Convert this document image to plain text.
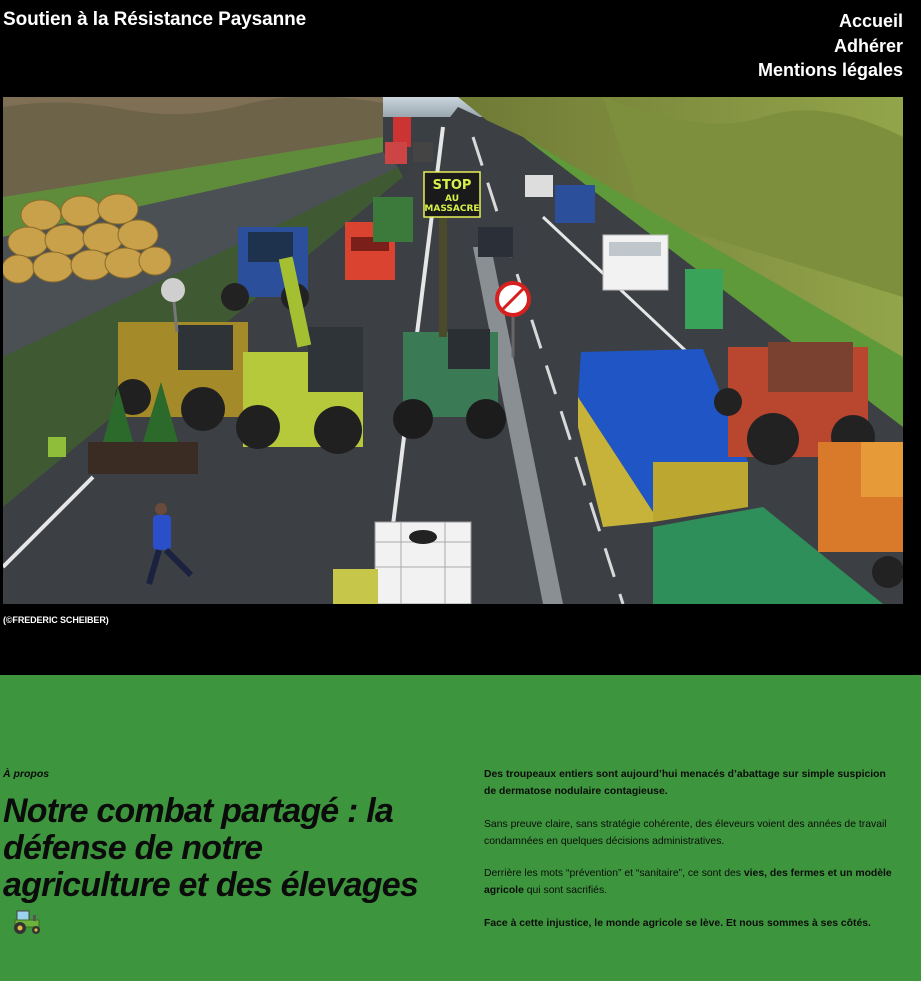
Soutien à la Résistance Paysanne	Accueil
Adhérer
Mentions légales
STOP
AU
MASSACRE
(©FREDERIC SCHEIBER)
À propos
Notre combat partagé : la défense de notre agriculture et des élevages

Des troupeaux entiers sont aujourd’hui menacés d’abattage sur simple suspicion de dermatose nodulaire contagieuse.

Sans preuve claire, sans stratégie cohérente, des éleveurs voient des années de travail condamnées en quelques décisions administratives.

Derrière les mots “prévention” et “sanitaire”, ce sont des vies, des fermes et un modèle agricole qui sont sacrifiés.

Face à cette injustice, le monde agricole se lève. Et nous sommes à ses côtés.
